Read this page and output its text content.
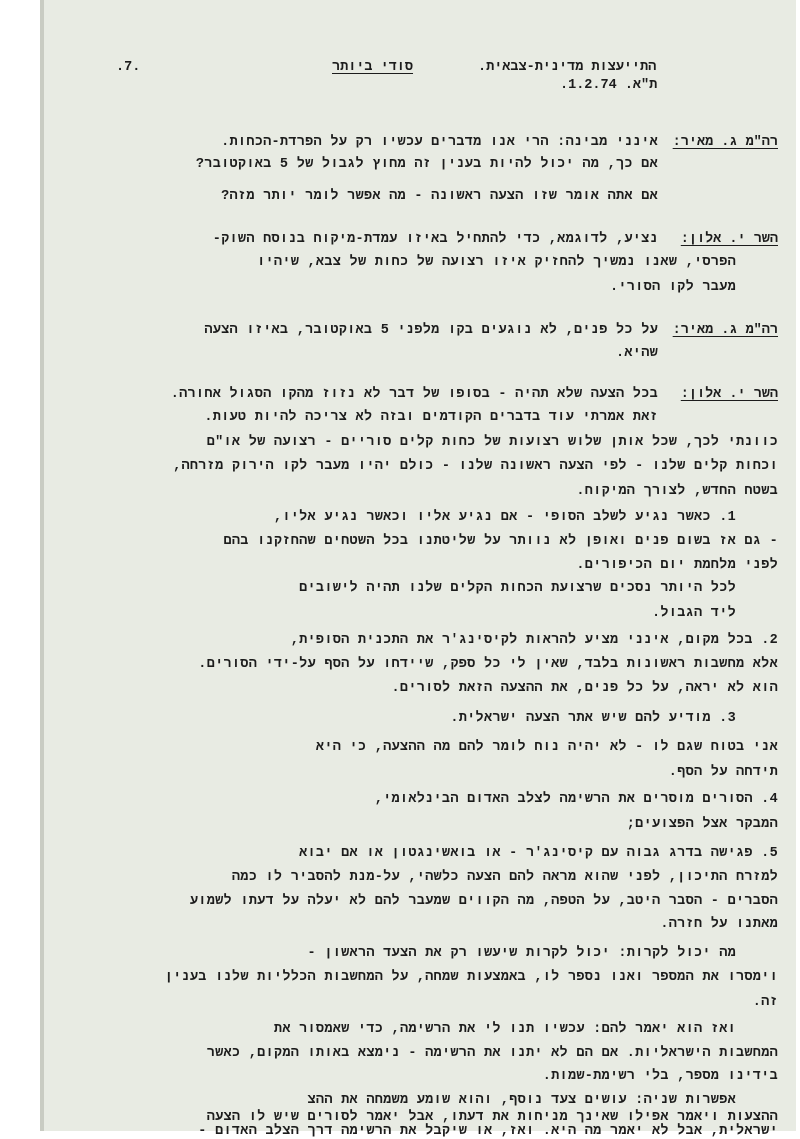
.7.	סודי ביותר	התייעצות מדינית-צבאית.
ת"א. 1.2.74.
רה"מ ג. מאיר:
אינני מבינה: הרי אנו מדברים עכשיו רק על הפרדת-הכחות.
אם כך, מה יכול להיות בענין זה מחוץ לגבול של 5 באוקטובר?
אם אתה אומר שזו הצעה ראשונה - מה אפשר לומר יותר מזה?
השר י. אלון:
נציע, לדוגמא, כדי להתחיל באיזו עמדת-מיקוח בנוסח השוק-
הפרסי, שאנו נמשיך להחזיק איזו רצועה של כחות של צבא, שיהיו
מעבר לקו הסורי.
רה"מ ג. מאיר:
על כל פנים, לא נוגעים בקו מלפני 5 באוקטובר, באיזו הצעה
שהיא.
השר י. אלון:
בכל הצעה שלא תהיה - בסופו של דבר לא נזוז מהקו הסגול אחורה.
זאת אמרתי עוד בדברים הקודמים ובזה לא צריכה להיות טעות.
כוונתי לכך, שכל אותן שלוש רצועות של כחות קלים סוריים - רצועה של או"ם
וכחות קלים שלנו - לפי הצעה ראשונה שלנו - כולם יהיו מעבר לקו הירוק מזרחה,
בשטח החדש, לצורך המיקוח.
1. כאשר נגיע לשלב הסופי - אם נגיע אליו וכאשר נגיע אליו,
- גם אז בשום פנים ואופן לא נוותר על שליטתנו בכל השטחים שהחזקנו בהם
לפני מלחמת יום הכיפורים.
לכל היותר נסכים שרצועת הכחות הקלים שלנו תהיה לישובים
ליד הגבול.
2. בכל מקום, אינני מציע להראות לקיסינג'ר את התכנית הסופית,
אלא מחשבות ראשונות בלבד, שאין לי כל ספק, שיידחו על הסף על-ידי הסורים.
הוא לא יראה, על כל פנים, את ההצעה הזאת לסורים.
3. מודיע להם שיש אתר הצעה ישראלית.
אני בטוח שגם לו - לא יהיה נוח לומר להם מה ההצעה, כי היא
תידחה על הסף.
4. הסורים מוסרים את הרשימה לצלב האדום הבינלאומי,
המבקר אצל הפצועים;
5. פגישה בדרג גבוה עם קיסינג'ר - או בואשינגטון או אם יבוא
למזרח התיכון, לפני שהוא מראה להם הצעה כלשהי, על-מנת להסביר לו כמה
הסברים - הסבר היטב, על הטפה, מה הקווים שמעבר להם לא יעלה על דעתו לשמוע
מאתנו על חזרה.
מה יכול לקרות: יכול לקרות שיעשו רק את הצעד הראשון -
וימסרו את המספר ואנו נספר לו, באמצעות שמחה, על המחשבות הכלליות שלנו בענין
זה.
ואז הוא יאמר להם: עכשיו תנו לי את הרשימה, כדי שאמסור את
המחשבות הישראליות. אם הם לא יתנו את הרשימה - נימצא באותו המקום, כאשר
בידינו מספר, בלי רשימת-שמות.
אפשרות שניה: עושים צעד נוסף, והוא שומע משמחה את ההצ
ההצעות ויאמר אפילו שאינך מניחות את דעתו, אבל יאמר לסורים שיש לו הצעה
ישראלית, אבל לא יאמר מה היא. ואז, או שיקבל את הרשימה דרך הצלב האדום -
